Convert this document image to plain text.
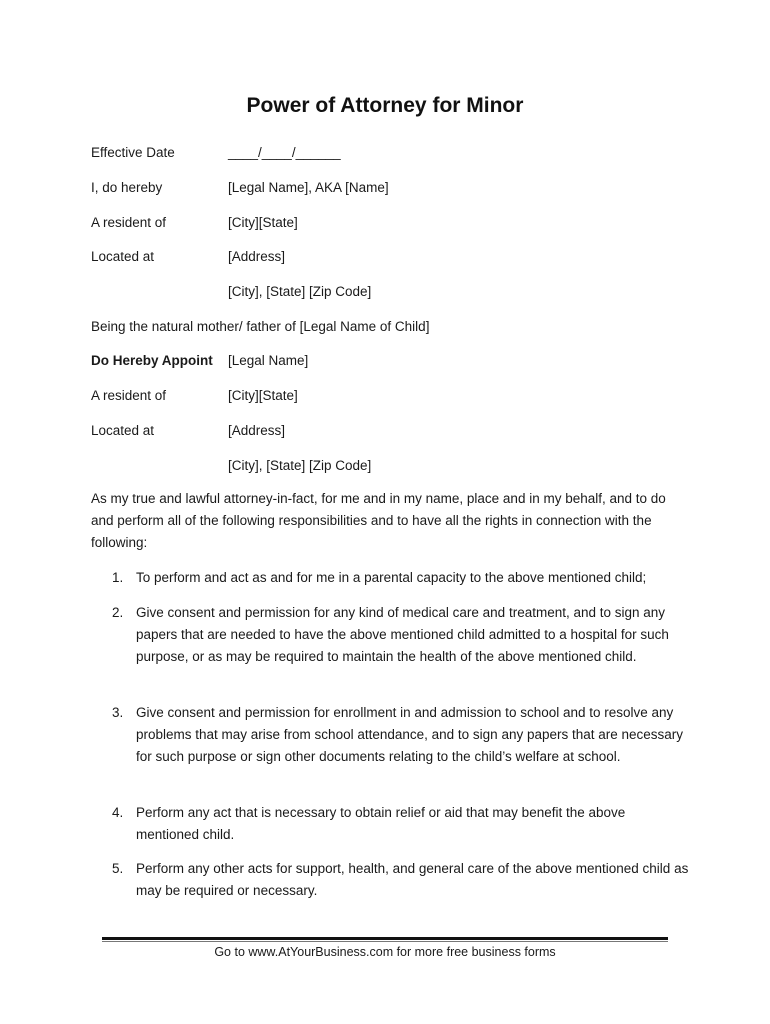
Power of Attorney for Minor
Effective Date	____/____/______
I, do hereby	[Legal Name], AKA [Name]
A resident of	[City][State]
Located at	[Address]
[City], [State] [Zip Code]
Being the natural mother/ father of [Legal Name of Child]
Do Hereby Appoint [Legal Name]
A resident of	[City][State]
Located at	[Address]
[City], [State] [Zip Code]
As my true and lawful attorney-in-fact, for me and in my name, place and in my behalf, and to do and perform all of the following responsibilities and to have all the rights in connection with the following:
1. To perform and act as and for me in a parental capacity to the above mentioned child;
2. Give consent and permission for any kind of medical care and treatment, and to sign any papers that are needed to have the above mentioned child admitted to a hospital for such purpose, or as may be required to maintain the health of the above mentioned child.
3. Give consent and permission for enrollment in and admission to school and to resolve any problems that may arise from school attendance, and to sign any papers that are necessary for such purpose or sign other documents relating to the child’s welfare at school.
4. Perform any act that is necessary to obtain relief or aid that may benefit the above mentioned child.
5. Perform any other acts for support, health, and general care of the above mentioned child as may be required or necessary.
Go to www.AtYourBusiness.com for more free business forms
